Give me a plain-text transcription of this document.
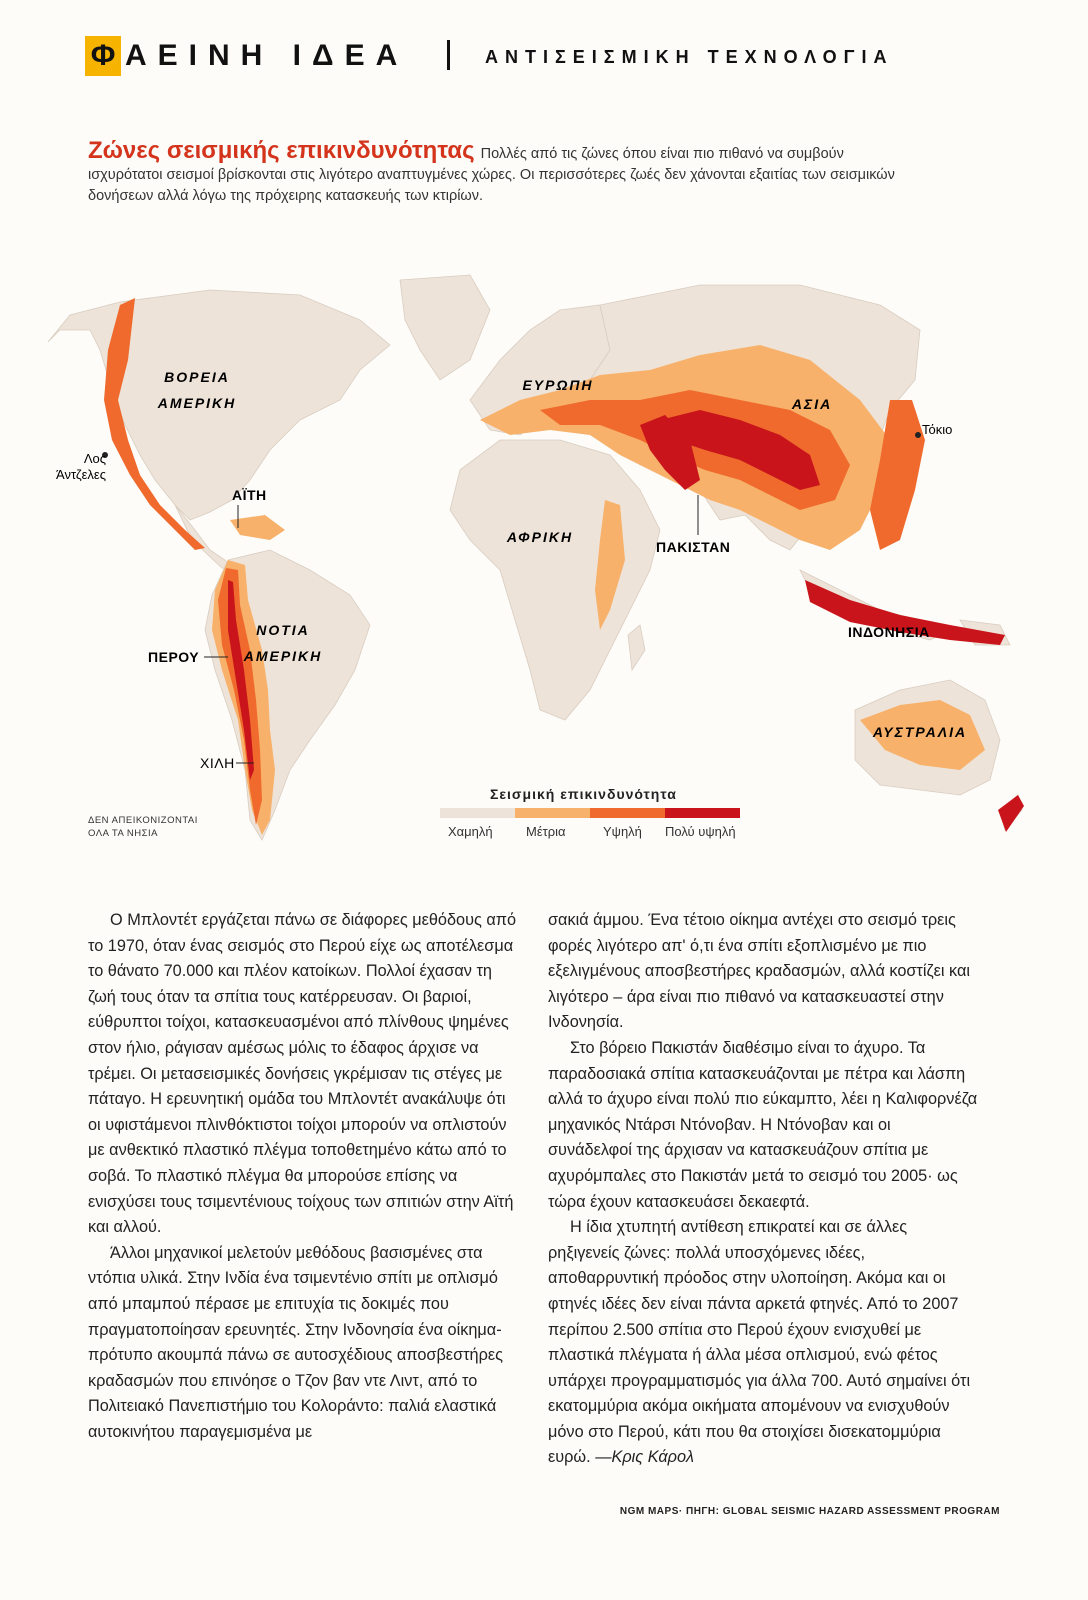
Φ ΑΕΙΝΗ ΙΔΕΑ	ΑΝΤΙΣΕΙΣΜΙΚΗ ΤΕΧΝΟΛΟΓΙΑ
Ζώνες σεισμικής επικινδυνότητας Πολλές από τις ζώνες όπου είναι πιο πιθανό να συμβούν ισχυρότατοι σεισμοί βρίσκονται στις λιγότερο αναπτυγμένες χώρες. Οι περισσότερες ζωές δεν χάνονται εξαιτίας των σεισμικών δονήσεων αλλά λόγω της πρόχειρης κατασκευής των κτιρίων.
ΒΟΡΕΙΑ
ΑΜΕΡΙΚΗ
ΝΟΤΙΑ
ΑΜΕΡΙΚΗ
ΕΥΡΩΠΗ
ΑΣΙΑ
ΑΦΡΙΚΗ
ΑΥΣΤΡΑΛΙΑ
Λος
Άντζελες
Τόκιο
ΑΪΤΗ
ΠΑΚΙΣΤΑΝ
ΠΕΡΟΥ
ΧΙΛΗ
ΙΝΔΟΝΗΣΙΑ
ΔΕΝ ΑΠΕΙΚΟΝΙΖΟΝΤΑΙ
ΟΛΑ ΤΑ ΝΗΣΙΑ
Σεισμική επικινδυνότητα
Χαμηλή	Μέτρια	Υψηλή Πολύ υψηλή

Ο Μπλοντέτ εργάζεται πάνω σε διάφορες μεθόδους από το 1970, όταν ένας σεισμός στο Περού είχε ως αποτέλεσμα το θάνατο 70.000 και πλέον κατοίκων. Πολλοί έχασαν τη ζωή τους όταν τα σπίτια τους κατέρρευσαν. Οι βαριοί, εύθρυπτοι τοίχοι, κατασκευασμένοι από πλίνθους ψημένες στον ήλιο, ράγισαν αμέσως μόλις το έδαφος άρχισε να τρέμει. Οι μετασεισμικές δονήσεις γκρέμισαν τις στέγες με πάταγο. Η ερευνητική ομάδα του Μπλοντέτ ανακάλυψε ότι οι υφιστάμενοι πλινθόκτιστοι τοίχοι μπορούν να οπλιστούν με ανθεκτικό πλαστικό πλέγμα τοποθετημένο κάτω από το σοβά. Το πλαστικό πλέγμα θα μπορούσε επίσης να ενισχύσει τους τσιμεντένιους τοίχους των σπιτιών στην Αϊτή και αλλού.

Άλλοι μηχανικοί μελετούν μεθόδους βασισμένες στα ντόπια υλικά. Στην Ινδία ένα τσιμεντένιο σπίτι με οπλισμό από μπαμπού πέρασε με επιτυχία τις δοκιμές που πραγματοποίησαν ερευνητές. Στην Ινδονησία ένα οίκημα-πρότυπο ακουμπά πάνω σε αυτοσχέδιους αποσβεστήρες κραδασμών που επινόησε ο Τζον βαν ντε Λιντ, από το Πολιτειακό Πανεπιστήμιο του Κολοράντο: παλιά ελαστικά αυτοκινήτου παραγεμισμένα με

σακιά άμμου. Ένα τέτοιο οίκημα αντέχει στο σεισμό τρεις φορές λιγότερο απ' ό,τι ένα σπίτι εξοπλισμένο με πιο εξελιγμένους αποσβεστήρες κραδασμών, αλλά κοστίζει και λιγότερο – άρα είναι πιο πιθανό να κατασκευαστεί στην Ινδονησία.

Στο βόρειο Πακιστάν διαθέσιμο είναι το άχυρο. Τα παραδοσιακά σπίτια κατασκευάζονται με πέτρα και λάσπη αλλά το άχυρο είναι πολύ πιο εύκαμπτο, λέει η Καλιφορνέζα μηχανικός Ντάρσι Ντόνοβαν. Η Ντόνοβαν και οι συνάδελφοί της άρχισαν να κατασκευάζουν σπίτια με αχυρόμπαλες στο Πακιστάν μετά το σεισμό του 2005· ως τώρα έχουν κατασκευάσει δεκαεφτά.

Η ίδια χτυπητή αντίθεση επικρατεί και σε άλλες ρηξιγενείς ζώνες: πολλά υποσχόμενες ιδέες, αποθαρρυντική πρόοδος στην υλοποίηση. Ακόμα και οι φτηνές ιδέες δεν είναι πάντα αρκετά φτηνές. Από το 2007 περίπου 2.500 σπίτια στο Περού έχουν ενισχυθεί με πλαστικά πλέγματα ή άλλα μέσα οπλισμού, ενώ φέτος υπάρχει προγραμματισμός για άλλα 700. Αυτό σημαίνει ότι εκατομμύρια ακόμα οικήματα απομένουν να ενισχυθούν μόνο στο Περού, κάτι που θα στοιχίσει δισεκατομμύρια ευρώ. —Κρις Κάρολ

NGM MAPS· ΠΗΓΗ: GLOBAL SEISMIC HAZARD ASSESSMENT PROGRAM
